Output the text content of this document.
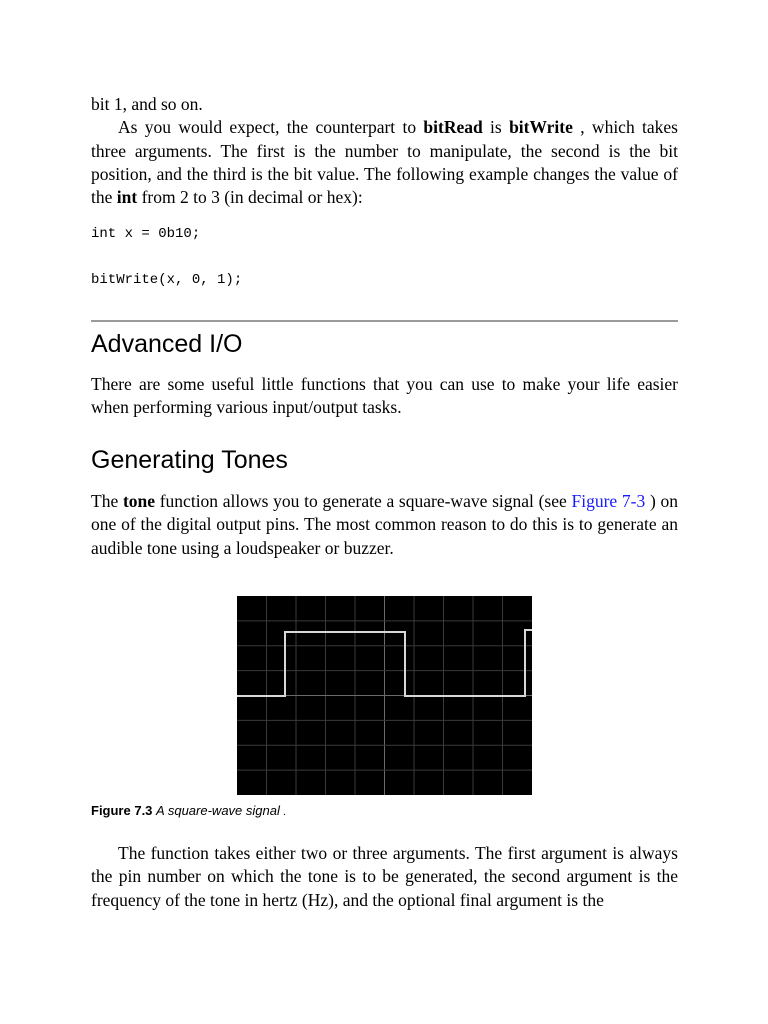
bit 1, and so on.

As you would expect, the counterpart to bitRead is bitWrite , which takes three arguments. The first is the number to manipulate, the second is the bit position, and the third is the bit value. The following example changes the value of the int from 2 to 3 (in decimal or hex):

int x = 0b10;
bitWrite(x, 0, 1);
Advanced I/O

There are some useful little functions that you can use to make your life easier when performing various input/output tasks.

Generating Tones

The tone function allows you to generate a square-wave signal (see Figure 7-3 ) on one of the digital output pins. The most common reason to do this is to generate an audible tone using a loudspeaker or buzzer.

Figure 7.3 A square-wave signal .

The function takes either two or three arguments. The first argument is always the pin number on which the tone is to be generated, the second argument is the frequency of the tone in hertz (Hz), and the optional final argument is the
